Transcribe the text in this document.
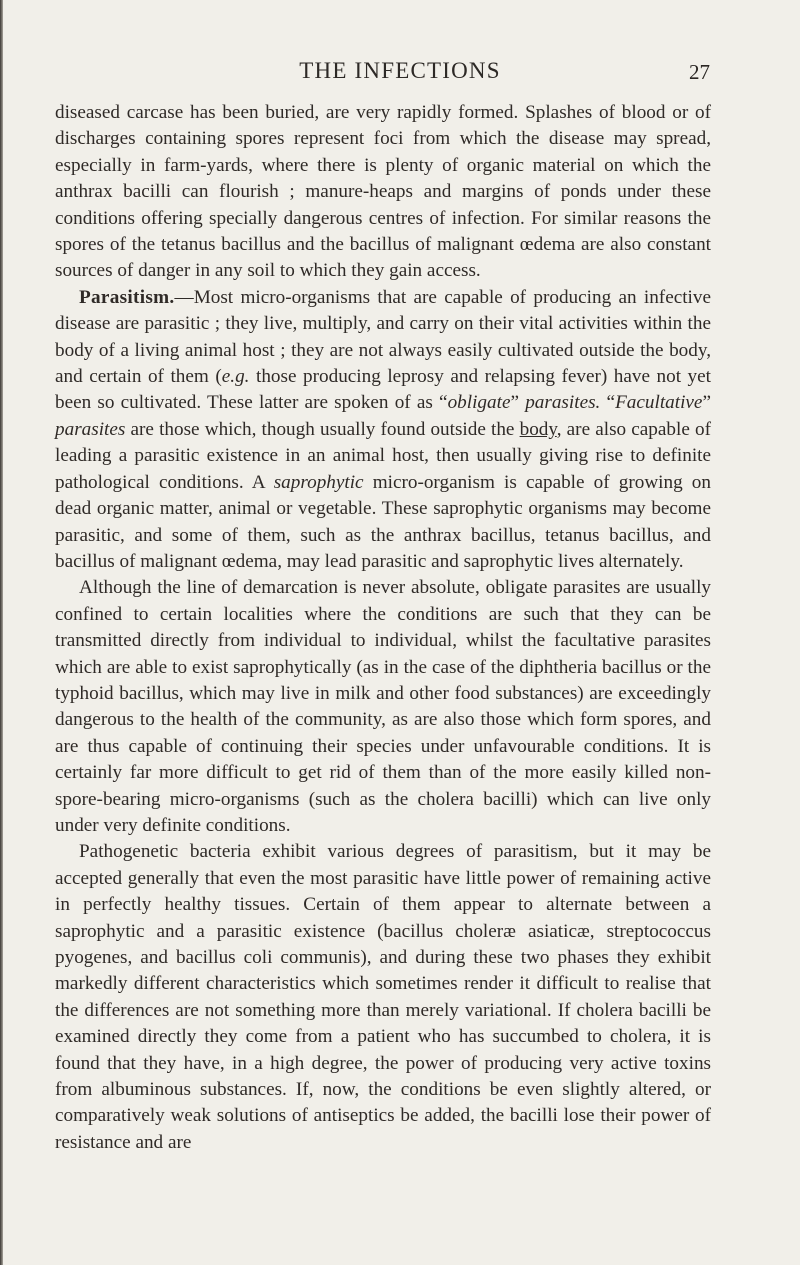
THE INFECTIONS	27

diseased carcase has been buried, are very rapidly formed. Splashes of blood or of discharges containing spores represent foci from which the disease may spread, especially in farm-yards, where there is plenty of organic material on which the anthrax bacilli can flourish ; manure-heaps and margins of ponds under these conditions offering specially dangerous centres of infection. For similar reasons the spores of the tetanus bacillus and the bacillus of malignant œdema are also constant sources of danger in any soil to which they gain access.

Parasitism.—Most micro-organisms that are capable of producing an infective disease are parasitic ; they live, multiply, and carry on their vital activities within the body of a living animal host ; they are not always easily cultivated outside the body, and certain of them (e.g. those producing leprosy and relapsing fever) have not yet been so cultivated. These latter are spoken of as “obligate” parasites. “Facultative” parasites are those which, though usually found outside the body, are also capable of leading a parasitic existence in an animal host, then usually giving rise to definite pathological conditions. A saprophytic micro-organism is capable of growing on dead organic matter, animal or vegetable. These saprophytic organisms may become parasitic, and some of them, such as the anthrax bacillus, tetanus bacillus, and bacillus of malignant œdema, may lead parasitic and saprophytic lives alternately.

Although the line of demarcation is never absolute, obligate parasites are usually confined to certain localities where the conditions are such that they can be transmitted directly from individual to individual, whilst the facultative parasites which are able to exist saprophytically (as in the case of the diphtheria bacillus or the typhoid bacillus, which may live in milk and other food substances) are exceedingly dangerous to the health of the community, as are also those which form spores, and are thus capable of continuing their species under unfavourable conditions. It is certainly far more difficult to get rid of them than of the more easily killed non-spore-bearing micro-organisms (such as the cholera bacilli) which can live only under very definite conditions.

Pathogenetic bacteria exhibit various degrees of parasitism, but it may be accepted generally that even the most parasitic have little power of remaining active in perfectly healthy tissues. Certain of them appear to alternate between a saprophytic and a parasitic existence (bacillus choleræ asiaticæ, streptococcus pyogenes, and bacillus coli communis), and during these two phases they exhibit markedly different characteristics which sometimes render it difficult to realise that the differences are not something more than merely variational. If cholera bacilli be examined directly they come from a patient who has succumbed to cholera, it is found that they have, in a high degree, the power of producing very active toxins from albuminous substances. If, now, the conditions be even slightly altered, or comparatively weak solutions of antiseptics be added, the bacilli lose their power of resistance and are
